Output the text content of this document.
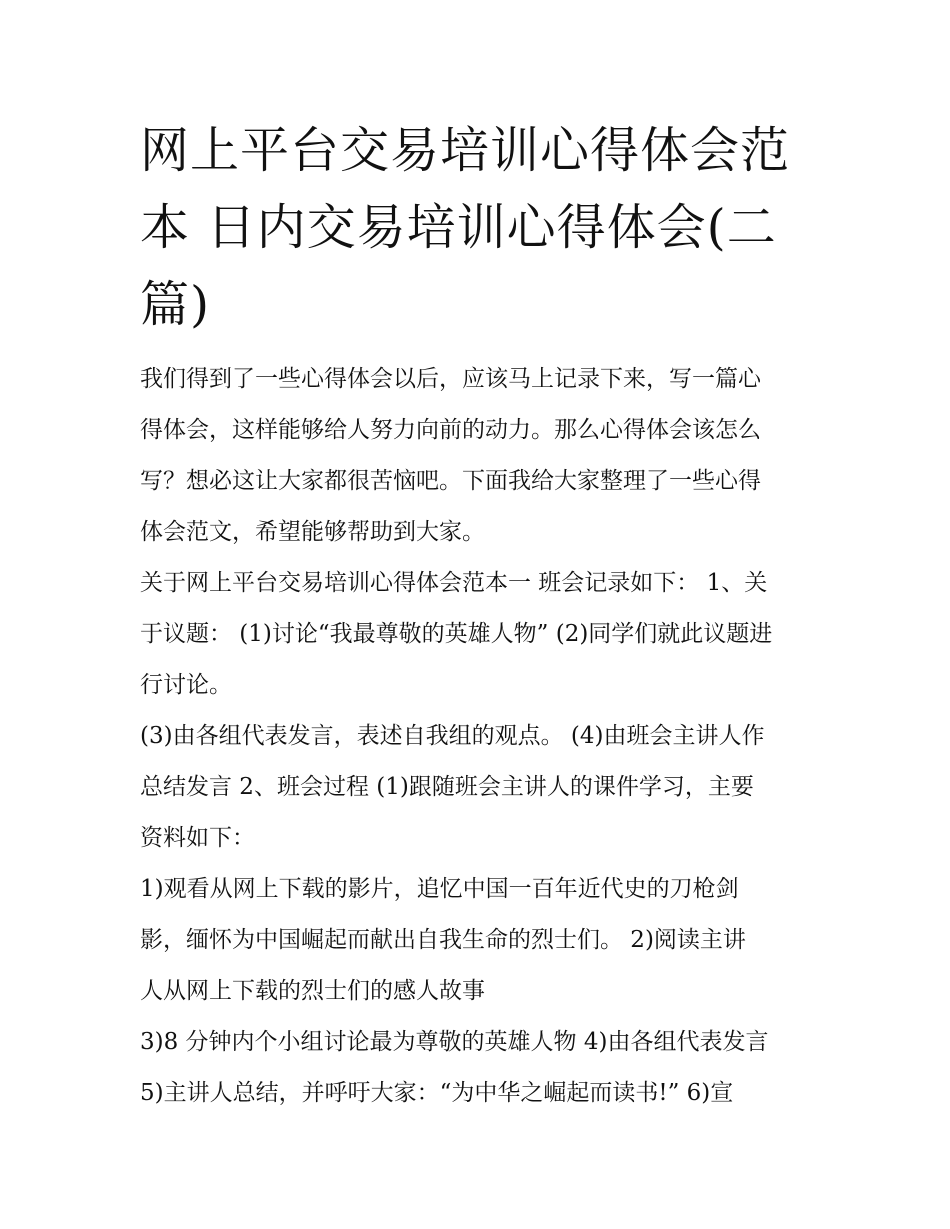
网上平台交易培训心得体会范本 日内交易培训心得体会(二篇)

我们得到了一些心得体会以后，应该马上记录下来，写一篇心
得体会，这样能够给人努力向前的动力。那么心得体会该怎么
写？想必这让大家都很苦恼吧。下面我给大家整理了一些心得
体会范文，希望能够帮助到大家。

关于网上平台交易培训心得体会范本一 班会记录如下： 1、关
于议题： (1)讨论“我最尊敬的英雄人物” (2)同学们就此议题进
行讨论。

(3)由各组代表发言，表述自我组的观点。 (4)由班会主讲人作
总结发言 2、班会过程 (1)跟随班会主讲人的课件学习，主要
资料如下：

1)观看从网上下载的影片，追忆中国一百年近代史的刀枪剑
影，缅怀为中国崛起而献出自我生命的烈士们。 2)阅读主讲
人从网上下载的烈士们的感人故事

3)8 分钟内个小组讨论最为尊敬的英雄人物 4)由各组代表发言
5)主讲人总结，并呼吁大家：“为中华之崛起而读书!” 6)宣
